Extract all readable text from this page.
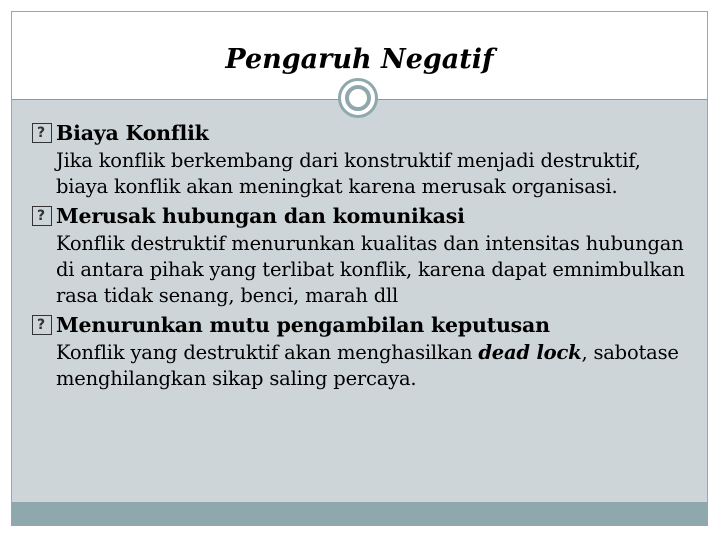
Pengaruh Negatif

?Biaya Konflik

Jika konflik berkembang dari konstruktif menjadi destruktif, biaya konflik akan meningkat karena merusak organisasi.

?Merusak hubungan dan komunikasi

Konflik destruktif menurunkan kualitas dan intensitas hubungan di antara pihak yang terlibat konflik, karena dapat emnimbulkan rasa tidak senang, benci, marah dll

?Menurunkan mutu pengambilan keputusan

Konflik yang destruktif akan menghasilkan dead lock, sabotase menghilangkan sikap saling percaya.
